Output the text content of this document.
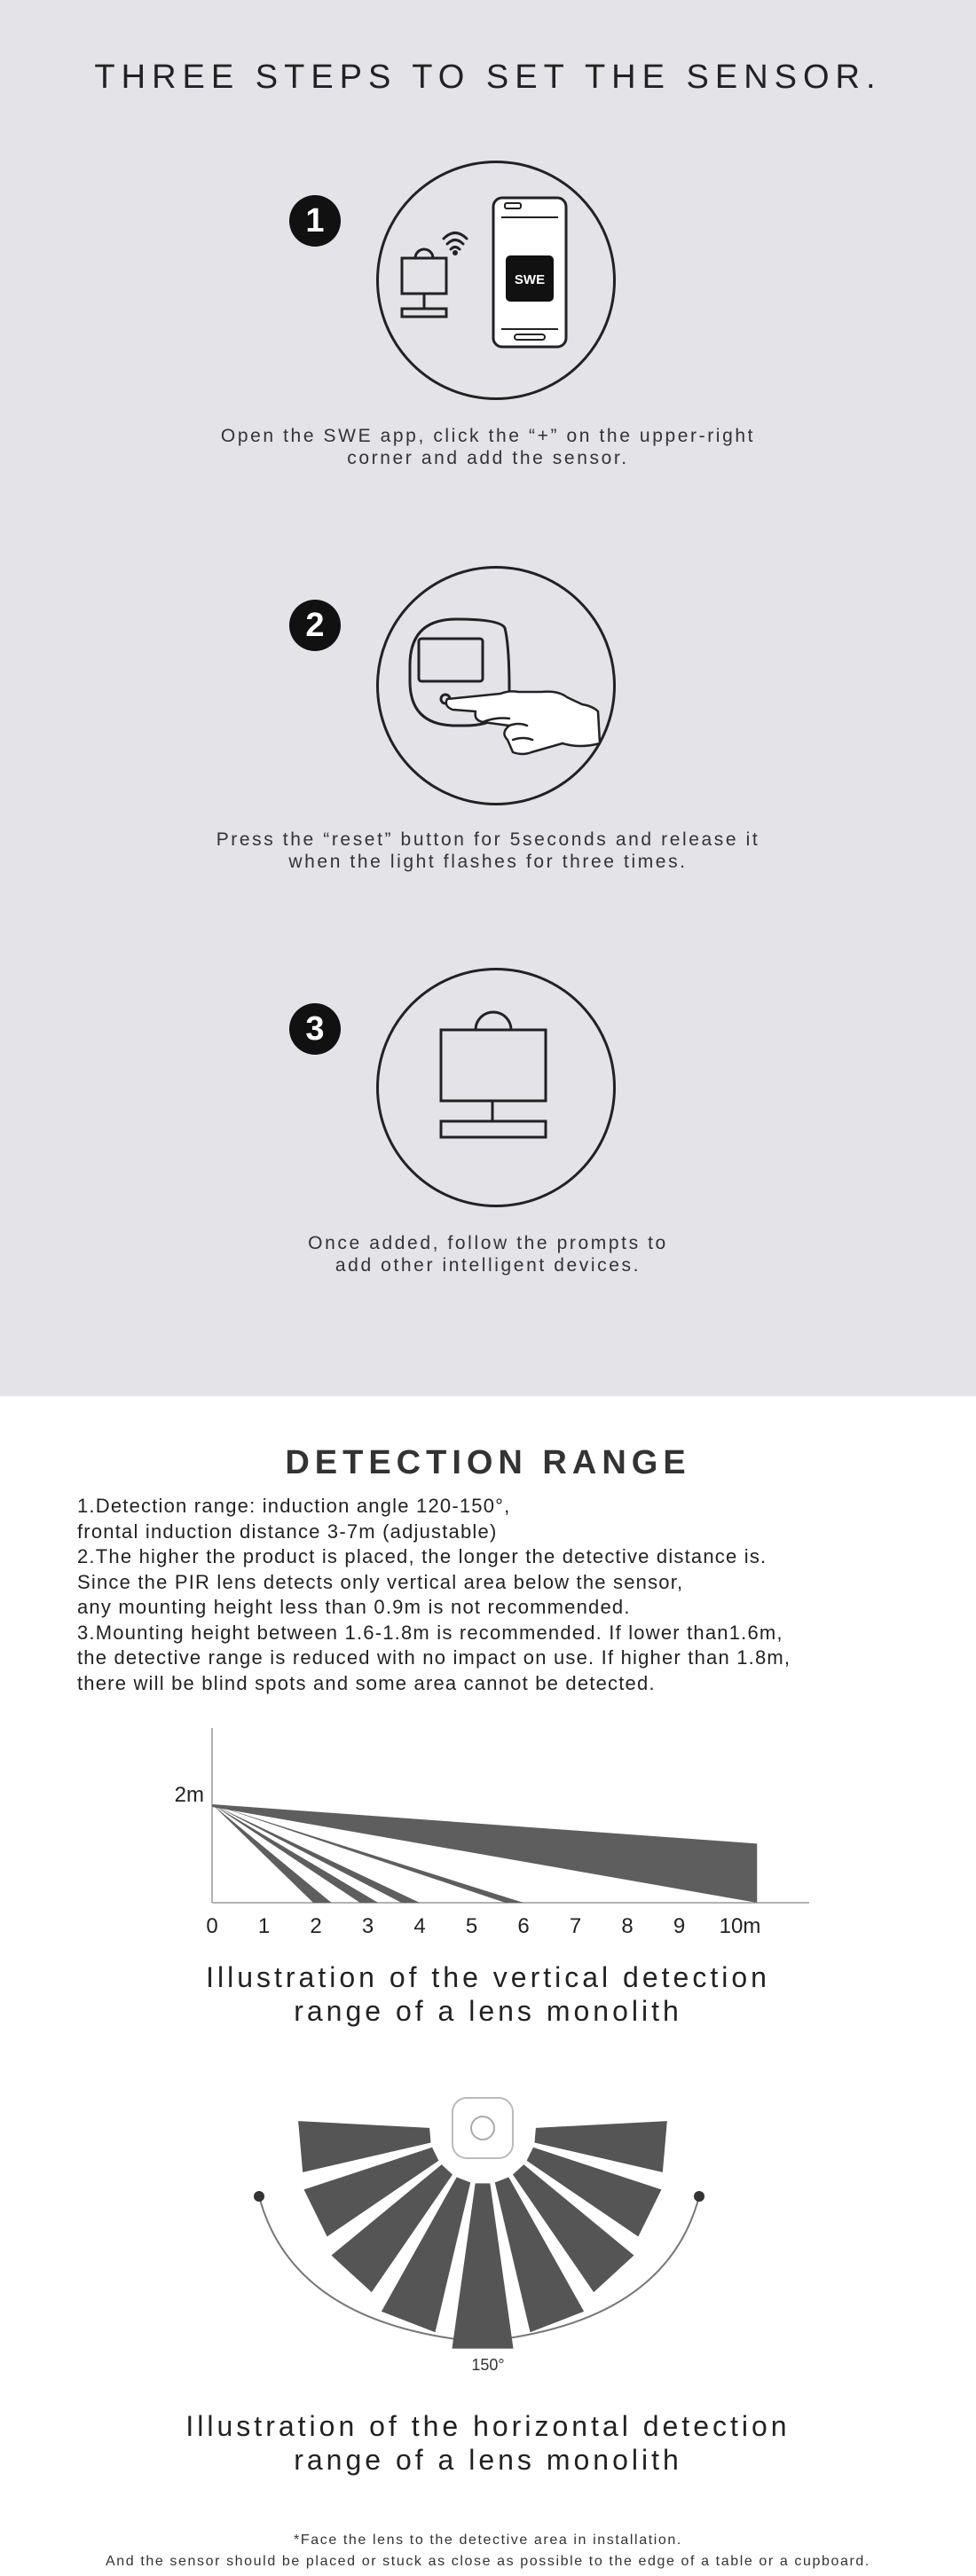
THREE STEPS TO SET THE SENSOR.
1
SWE
Open the SWE app, click the “+” on the upper-right
corner and add the sensor.
2
Press the “reset” button for 5seconds and release it
when the light flashes for three times.
3
Once added, follow the prompts to
add other intelligent devices.
DETECTION RANGE
1.Detection range: induction angle 120-150°,
frontal induction distance 3-7m (adjustable)
2.The higher the product is placed, the longer the detective distance is.
Since the PIR lens detects only vertical area below the sensor,
any mounting height less than 0.9m is not recommended.
3.Mounting height between 1.6-1.8m is recommended. If lower than1.6m,
the detective range is reduced with no impact on use. If higher than 1.8m,
there will be blind spots and some area cannot be detected.
0 1 2 3 4 5 6 7 8 9 10m
2m
Illustration of the vertical detection
range of a lens monolith
150°
Illustration of the horizontal detection
range of a lens monolith
*Face the lens to the detective area in installation.
And the sensor should be placed or stuck as close as possible to the edge of a table or a cupboard.
